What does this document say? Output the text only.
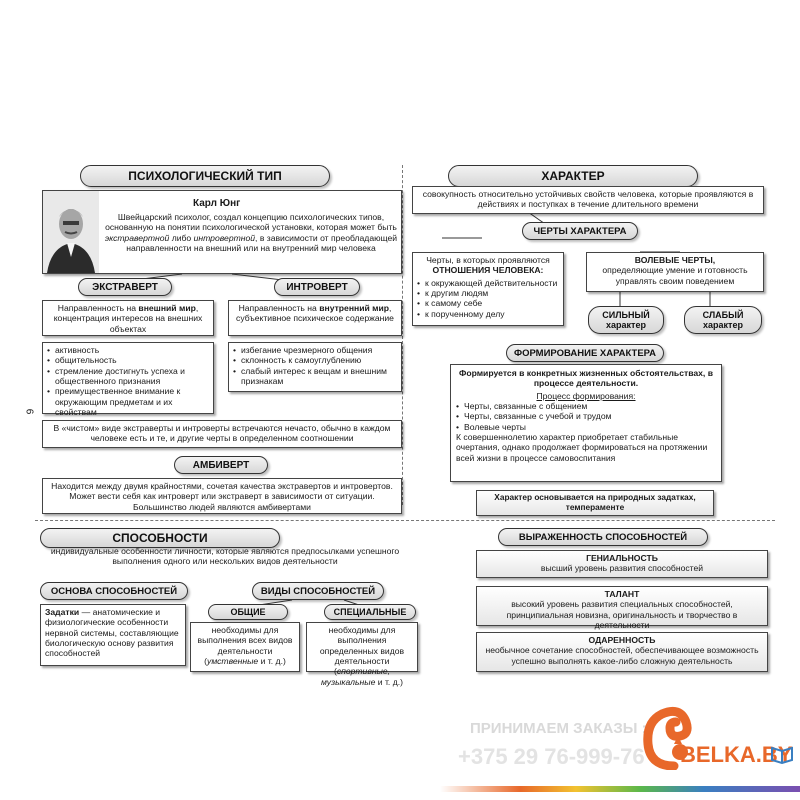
6
ПСИХОЛОГИЧЕСКИЙ ТИП
Карл Юнг
Швейцарский психолог, создал концепцию психологических типов, основанную на понятии психологической установки, которая может быть экстравертной либо интровертной, в зависимости от преобладающей направленности на внешний или на внутренний мир человека
ЭКСТРАВЕРТ	ИНТРОВЕРТ
Направленность на внешний мир, концентрация интересов на внешних объектах
Направленность на внутренний мир, субъективное психическое содержание
• активность
• общительность
• стремление достигнуть успеха и общественного признания
• преимущественное внимание к окружающим предметам и их свойствам
• избегание чрезмерного общения
• склонность к самоуглублению
• слабый интерес к вещам и внешним признакам
В «чистом» виде экстраверты и интроверты встречаются нечасто, обычно в каждом человеке есть и те, и другие черты в определенном соотношении
АМБИВЕРТ
Находится между двумя крайностями, сочетая качества экстравертов и интровертов. Может вести себя как интроверт или экстраверт в зависимости от ситуации. Большинство людей являются амбивертами
ХАРАКТЕР
совокупность относительно устойчивых свойств человека, которые проявляются в действиях и поступках в течение длительного времени
ЧЕРТЫ ХАРАКТЕРА
Черты, в которых проявляются
ОТНОШЕНИЯ ЧЕЛОВЕКА:
• к окружающей действительности
• к другим людям
• к самому себе
• к порученному делу
ВОЛЕВЫЕ ЧЕРТЫ,
определяющие умение и готовность управлять своим поведением
СИЛЬНЫЙ
характер
СЛАБЫЙ
характер
ФОРМИРОВАНИЕ ХАРАКТЕРА
Формируется в конкретных жизненных обстоятельствах, в процессе деятельности.
Процесс формирования:
• Черты, связанные с общением
• Черты, связанные с учебой и трудом
• Волевые черты
К совершеннолетию характер приобретает стабильные очертания, однако продолжает формироваться на протяжении всей жизни в процессе самовоспитания
Характер основывается на природных задатках, темпераменте
СПОСОБНОСТИ
индивидуальные особенности личности, которые являются предпосылками успешного выполнения одного или нескольких видов деятельности
ОСНОВА СПОСОБНОСТЕЙ
Задатки — анатомические и физиологические особенности нервной системы, составляющие биологическую основу развития способностей
ВИДЫ СПОСОБНОСТЕЙ
ОБЩИЕ	СПЕЦИАЛЬНЫЕ
необходимы для выполнения всех видов деятельности (умственные и т. д.)
необходимы для выполнения определенных видов деятельности (спортивные, музыкальные и т. д.)
ВЫРАЖЕННОСТЬ СПОСОБНОСТЕЙ
ГЕНИАЛЬНОСТЬ
высший уровень развития способностей
ТАЛАНТ
высокий уровень развития специальных способностей, принципиальная новизна, оригинальность и творчество в деятельности
ОДАРЕННОСТЬ
необычное сочетание способностей, обеспечивающее возможность успешно выполнять какое-либо сложную деятельность
ПРИНИМАЕМ ЗАКАЗЫ :
+375 29 76-999-76 BELKA.BY
